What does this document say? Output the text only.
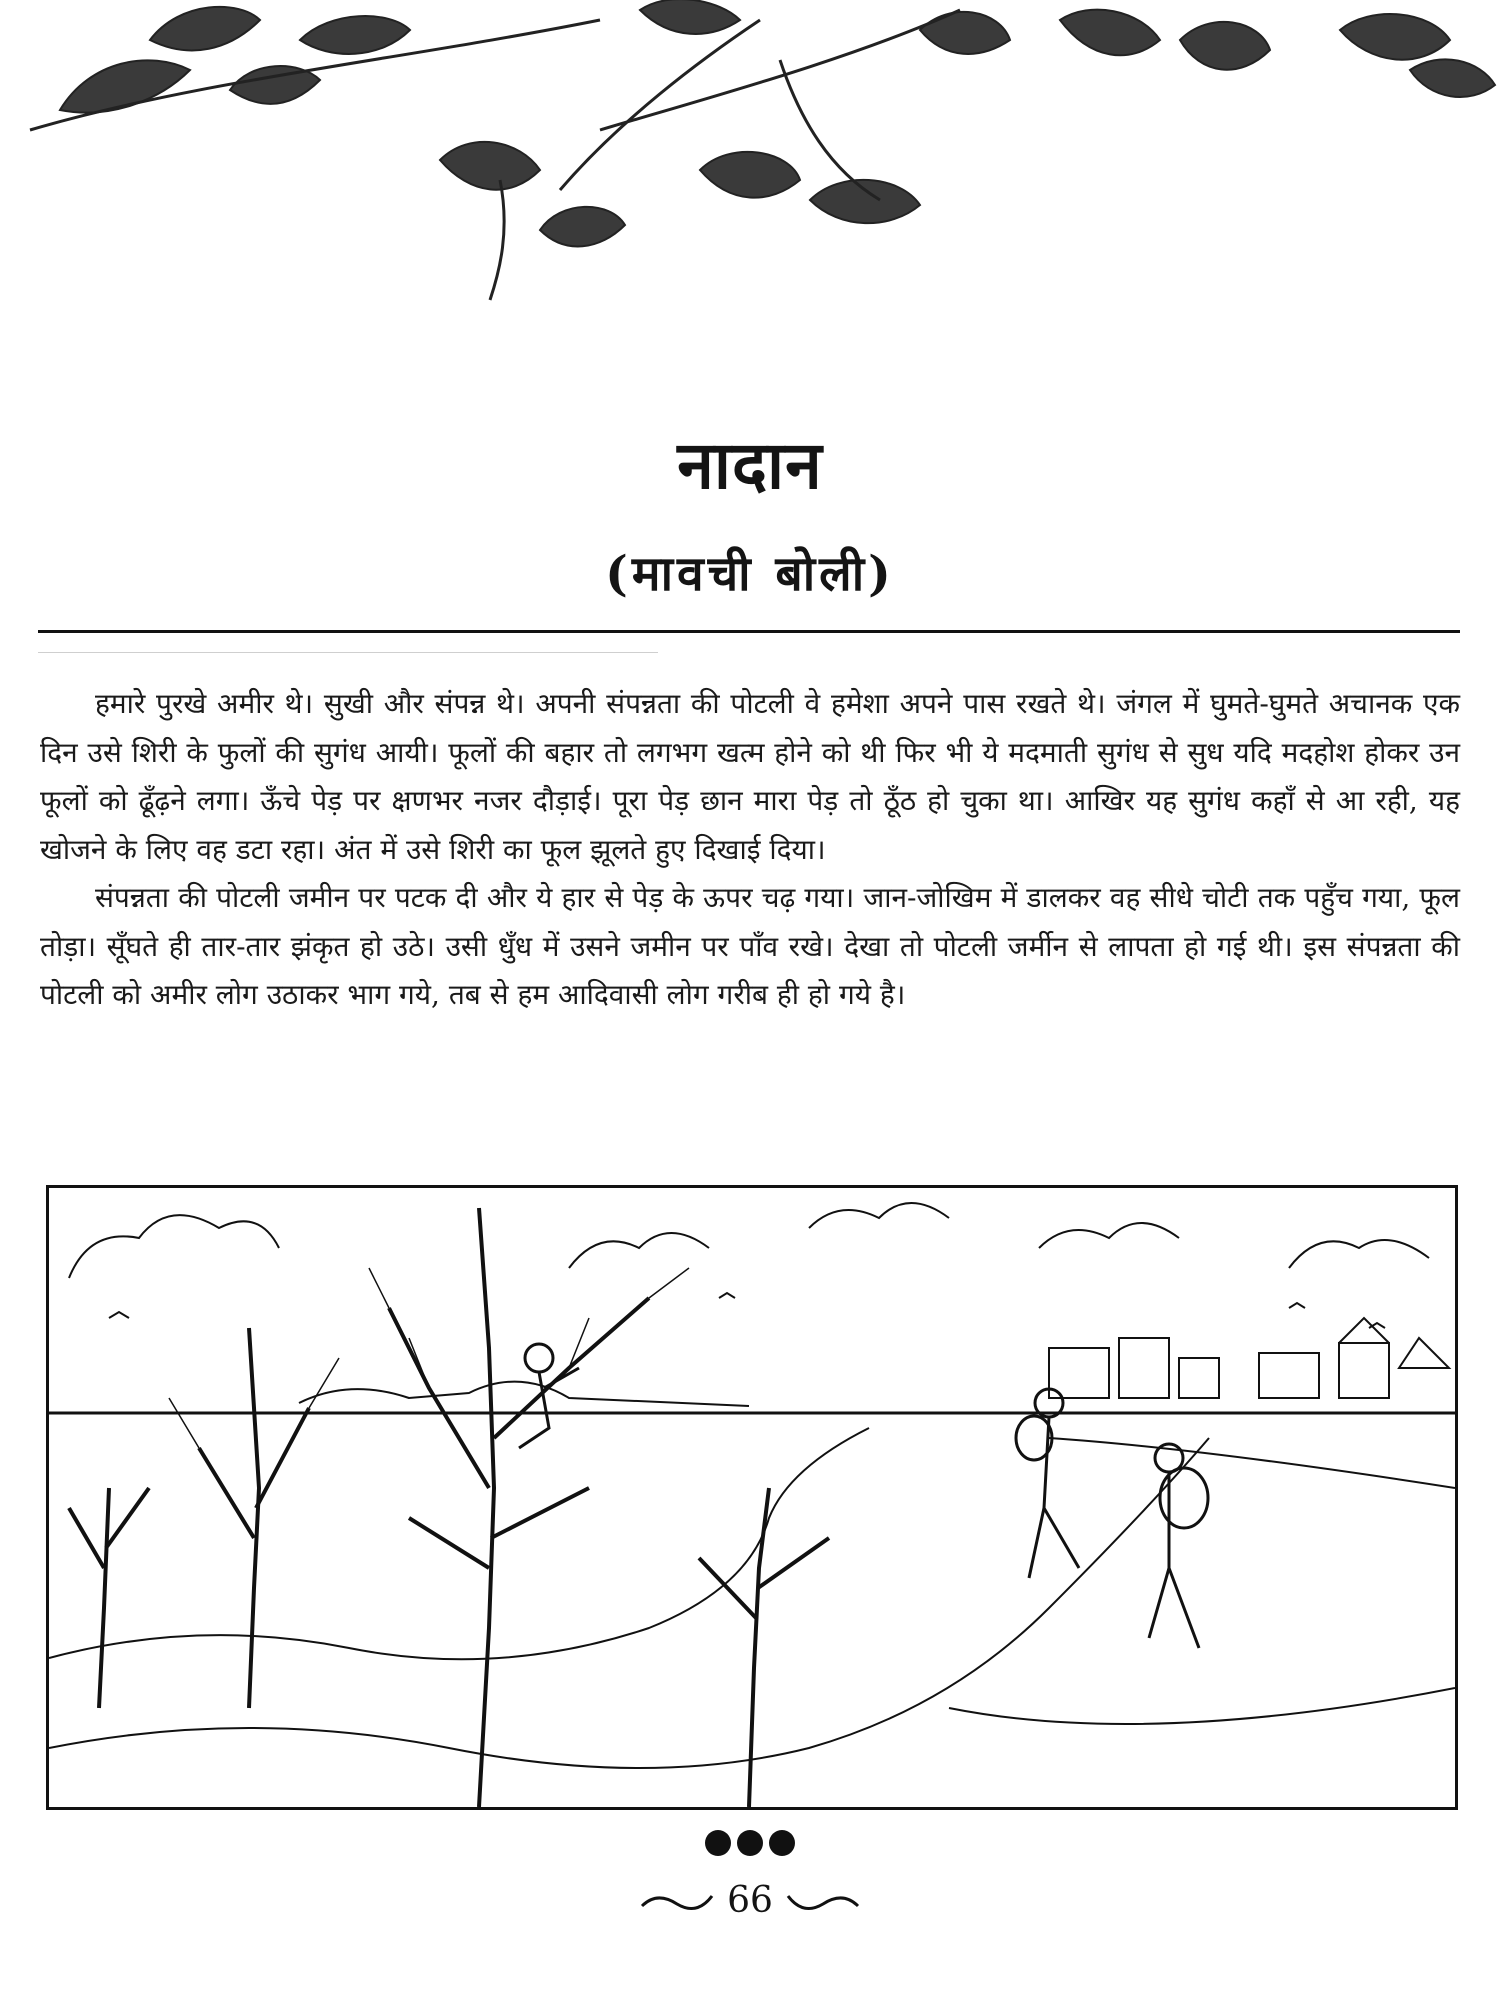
नादान
(मावची बोली)

हमारे पुरखे अमीर थे। सुखी और संपन्न थे। अपनी संपन्नता की पोटली वे हमेशा अपने पास रखते थे। जंगल में घुमते-घुमते अचानक एक दिन उसे शिरी के फुलों की सुगंध आयी। फूलों की बहार तो लगभग खत्म होने को थी फिर भी ये मदमाती सुगंध से सुध यदि मदहोश होकर उन फूलों को ढूँढ़ने लगा। ऊँचे पेड़ पर क्षणभर नजर दौड़ाई। पूरा पेड़ छान मारा पेड़ तो ठूँठ हो चुका था। आखिर यह सुगंध कहाँ से आ रही, यह खोजने के लिए वह डटा रहा। अंत में उसे शिरी का फूल झूलते हुए दिखाई दिया।

संपन्नता की पोटली जमीन पर पटक दी और ये हार से पेड़ के ऊपर चढ़ गया। जान-जोखिम में डालकर वह सीधे चोटी तक पहुँच गया, फूल तोड़ा। सूँघते ही तार-तार झंकृत हो उठे। उसी धुँध में उसने जमीन पर पाँव रखे। देखा तो पोटली जर्मीन से लापता हो गई थी। इस संपन्नता की पोटली को अमीर लोग उठाकर भाग गये, तब से हम आदिवासी लोग गरीब ही हो गये है।

66
